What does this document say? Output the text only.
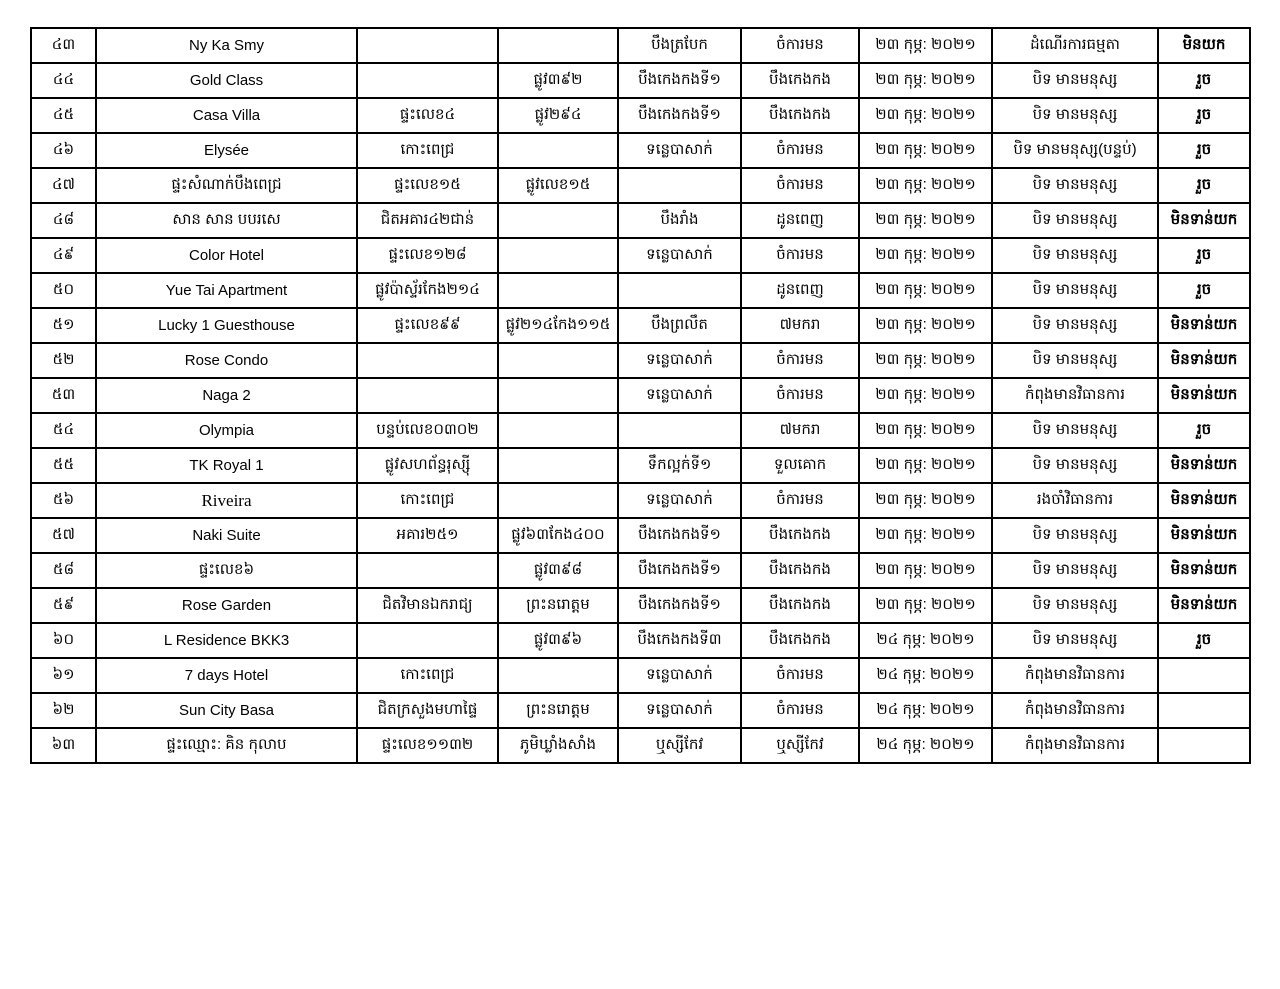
៤៣	Ny Ka Smy			បឹងត្របែក	ចំការមន	២៣ កុម្ភ: ២០២១	ដំណើរការធម្មតា	មិនយក
៤៤	Gold Class		ផ្លូវ៣៩២	បឹងកេងកងទី១	បឹងកេងកង	២៣ កុម្ភ: ២០២១	បិទ មានមនុស្ស	រួច
៤៥	Casa Villa	ផ្ទះលេខ៤	ផ្លូវ២៩៤	បឹងកេងកងទី១	បឹងកេងកង	២៣ កុម្ភ: ២០២១	បិទ មានមនុស្ស	រួច
៤៦	Elysée	កោះពេជ្រ		ទន្លេបាសាក់	ចំការមន	២៣ កុម្ភ: ២០២១	បិទ មានមនុស្ស(បន្ទប់)	រួច
៤៧	ផ្ទះសំណាក់បឹងពេជ្រ	ផ្ទះលេខ១៥	ផ្លូវលេខ១៥		ចំការមន	២៣ កុម្ភ: ២០២១	បិទ មានមនុស្ស	រួច
៤៨	សាន សាន បបរសេ	ជិតអគារ៤២ជាន់		បឹងរាំង	ដូនពេញ	២៣ កុម្ភ: ២០២១	បិទ មានមនុស្ស	មិនទាន់យក
៤៩	Color Hotel	ផ្ទះលេខ១២៨		ទន្លេបាសាក់	ចំការមន	២៣ កុម្ភ: ២០២១	បិទ មានមនុស្ស	រួច
៥០	Yue Tai Apartment	ផ្លូវប៉ាស្ទ័រកែង២១៤			ដូនពេញ	២៣ កុម្ភ: ២០២១	បិទ មានមនុស្ស	រួច
៥១	Lucky 1 Guesthouse	ផ្ទះលេខ៩៩	ផ្លូវ២១៤កែង១១៥	បឹងព្រលឹត	៧មករា	២៣ កុម្ភ: ២០២១	បិទ មានមនុស្ស	មិនទាន់យក
៥២	Rose Condo			ទន្លេបាសាក់	ចំការមន	២៣ កុម្ភ: ២០២១	បិទ មានមនុស្ស	មិនទាន់យក
៥៣	Naga 2			ទន្លេបាសាក់	ចំការមន	២៣ កុម្ភ: ២០២១	កំពុងមានវិធានការ	មិនទាន់យក
៥៤	Olympia	បន្ទប់លេខ០៣០២			៧មករា	២៣ កុម្ភ: ២០២១	បិទ មានមនុស្ស	រួច
៥៥	TK Royal 1	ផ្លូវសហព័ន្ធរុស្ស៊ី		ទឹកល្អក់ទី១	ទួលគោក	២៣ កុម្ភ: ២០២១	បិទ មានមនុស្ស	មិនទាន់យក
៥៦	Riveira	កោះពេជ្រ		ទន្លេបាសាក់	ចំការមន	២៣ កុម្ភ: ២០២១	រងចាំវិធានការ	មិនទាន់យក
៥៧	Naki Suite	អគារ២៥១	ផ្លូវ៦៣កែង៤០០	បឹងកេងកងទី១	បឹងកេងកង	២៣ កុម្ភ: ២០២១	បិទ មានមនុស្ស	មិនទាន់យក
៥៨	ផ្ទះលេខ៦		ផ្លូវ៣៩៨	បឹងកេងកងទី១	បឹងកេងកង	២៣ កុម្ភ: ២០២១	បិទ មានមនុស្ស	មិនទាន់យក
៥៩	Rose Garden	ជិតវិមានឯករាជ្យ	ព្រះនរោត្តម	បឹងកេងកងទី១	បឹងកេងកង	២៣ កុម្ភ: ២០២១	បិទ មានមនុស្ស	មិនទាន់យក
៦០	L Residence BKK3		ផ្លូវ៣៩៦	បឹងកេងកងទី៣	បឹងកេងកង	២៤ កុម្ភ: ២០២១	បិទ មានមនុស្ស	រួច
៦១	7 days Hotel	កោះពេជ្រ		ទន្លេបាសាក់	ចំការមន	២៤ កុម្ភ: ២០២១	កំពុងមានវិធានការ	
៦២	Sun City Basa	ជិតក្រសួងមហាផ្ទៃ	ព្រះនរោត្តម	ទន្លេបាសាក់	ចំការមន	២៤ កុម្ភ: ២០២១	កំពុងមានវិធានការ	
៦៣	ផ្ទះឈ្មោះ: គិន កុលាប	ផ្ទះលេខ១១៣២	ភូមិឃ្លាំងសាំង	ឬស្សីកែវ	ឬស្សីកែវ	២៤ កុម្ភ: ២០២១	កំពុងមានវិធានការ	
